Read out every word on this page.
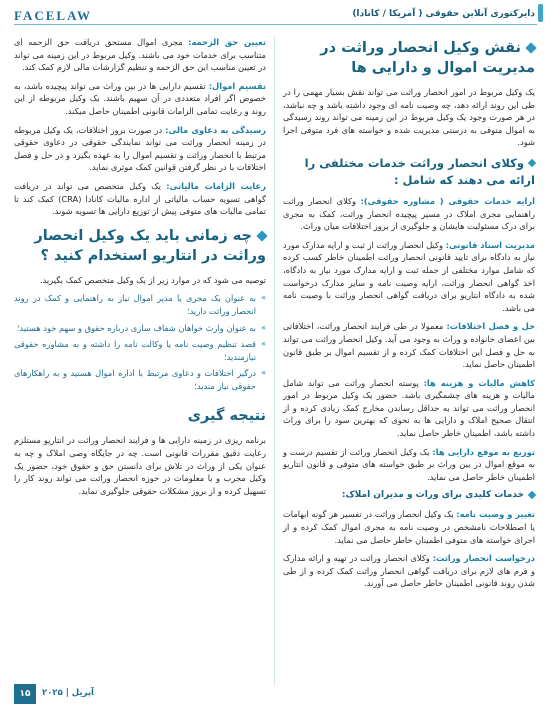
FACELAW	دایرکتوری آنلاین حقوقی ( آمریکا / کانادا)
نقش وکیل انحصار وراثت در مدیریت اموال و دارایی ها

یک وکیل مربوط در امور انحصار وراثت می تواند نقش بسیار مهمی را در طی این روند ارائه دهد، چه وصیت نامه ای وجود داشته باشد و چه نباشد، در هر صورت وجود یک وکیل مربوط در این زمینه می تواند روند رسیدگی به اموال متوفی به درستی مدیریت شده و خواسته های فرد متوفی اجرا شود.

وکلای انحصار وراثت خدمات مختلفی را ارائه می دهند که شامل :

ارایه خدمات حقوقی ( مشاوره حقوقی): وکلای انحصار وراثت راهنمایی مجری املاک در مسیر پیچیده انحصار وراثت، کمک به مجری برای درک مسئولیت هایشان و جلوگیری از بروز اختلافات میان وراث.

مدیریت اسناد قانونی: وکیل انحصار وراثت از ثبت و ارایه مدارک مورد نیاز به دادگاه برای تایید قانونی انحصار وراثت اطمینان خاطر کسب کرده که شامل موارد مختلفی از جمله ثبت و ارایه مدارک مورد نیاز به دادگاه، اخذ گواهی انحصار وراثت، ارایه وصیت نامه و سایر مدارک درخواست شده به دادگاه انتاریو برای دریافت گواهی انحصار وراثت با وصیت نامه می باشد.

حل و فصل اختلافات: معمولا در طی فرایند انحصار وراثت، اختلافاتی بین اعضای خانواده و وراث به وجود می آید. وکیل انحصار وراثت می تواند به حل و فصل این اختلافات کمک کرده و از تقسیم اموال بر طبق قانون اطمینان حاصل نماید.

کاهش مالیات و هزینه ها: پوسته انحصار وراثت می تواند شامل مالیات و هزینه های چشمگیری باشد. حضور یک وکیل مربوط در امور انحصار وراثت می تواند به حداقل رساندن مخارج کمک زیادی کرده و از انتقال صحیح املاک و دارایی ها به نحوی که بهترین سود را برای وراث داشته باشد، اطمینان خاطر حاصل نماید.

توزیع به موقع دارایی ها: یک وکیل انحصار وراثت از تقسیم درست و به موقع اموال در بین وراث بر طبق خواسته های متوفی و قانون انتاریو اطمینان خاطر حاصل می نماید.

خدمات کلیدی برای وراث و مدیران املاک:

تغییر و وصیت نامه: یک وکیل انحصار وراثت در تفسیر هر گونه ابهامات یا اصطلاحات نامشخص در وصیت نامه به مجری اموال کمک کرده و از اجرای خواسته های متوفی اطمینان خاطر حاصل می نماید.

درخواست انحصار وراثت: وکلای انحصار وراثت در تهیه و ارائه مدارک و فرم های لازم برای دریافت گواهی انحصار وراثت کمک کرده و از طی شدن روند قانونی اطمینان خاطر حاصل می آورند.

تعیین حق الزحمه: مجری اموال مستحق دریافت حق الزحمه ای متناسب برای خدمات خود می باشند. وکیل مربوط در این زمینه می تواند در تعیین مناسب این حق الزحمه و تنظیم گزارشات مالی لازم کمک کند.

تقسیم اموال: تقسیم دارایی ها در بین وراث می تواند پیچیده باشد، به خصوص اگر افراد متعددی در آن سهیم باشند. یک وکیل مربوطه از این روند و رعایت تمامی الزامات قانونی اطمینان حاصل میکند.

رسیدگی به دعاوی مالی: در صورت بروز اختلافات، یک وکیل مربوطه در زمینه انحصار وراثت می تواند نمایندگی حقوقی در دعاوی حقوقی مرتبط با انحصار وراثت و تقسیم اموال را به عهده بگیرد و در حل و فصل اختلافات با در نظر گرفتن قوانین کمک موثری نماید.

رعایت الزامات مالیاتی: یک وکیل متخصص می تواند در دریافت گواهی تسویه حساب مالیاتی از اداره مالیات کانادا (CRA) کمک کند تا تمامی مالیات های متوفی پیش از توزیع دارایی ها تسویه شوند.

چه زمانی باید یک وکیل انحصار وراثت در انتاریو استخدام کنید ؟

توصیه می شود که در موارد زیر از یک وکیل متخصص کمک بگیرید.

»
به عنوان یک مجری یا مدیر اموال نیاز به راهنمایی و کمک در روند انحصار وراثت دارید؛
»
به عنوان وارث خواهان شفاف سازی درباره حقوق و سهم خود هستید؛
»
قصد تنظیم وصیت نامه یا وکالت نامه را داشته و به مشاوره حقوقی نیازمندید؛
»
درگیر اختلافات و دعاوی مرتبط با اداره اموال هستید و به راهکارهای حقوقی نیاز مندید؛
نتیجه گیری

برنامه ریزی در زمینه دارایی ها و فرایند انحصار وراثت در انتاریو مستلزم رعایت دقیق مقررات قانونی است. چه در جایگاه وصی املاک و چه به عنوان یکی از وراث در تلاش برای دانستن حق و حقوق خود، حضور یک وکیل مجرب و با معلومات در حوزه انحصار وراثت می تواند روند کار را تسهیل کرده و از بروز مشکلات حقوقی جلوگیری نماید.

۱۵	آپریل | ۲۰۲۵
